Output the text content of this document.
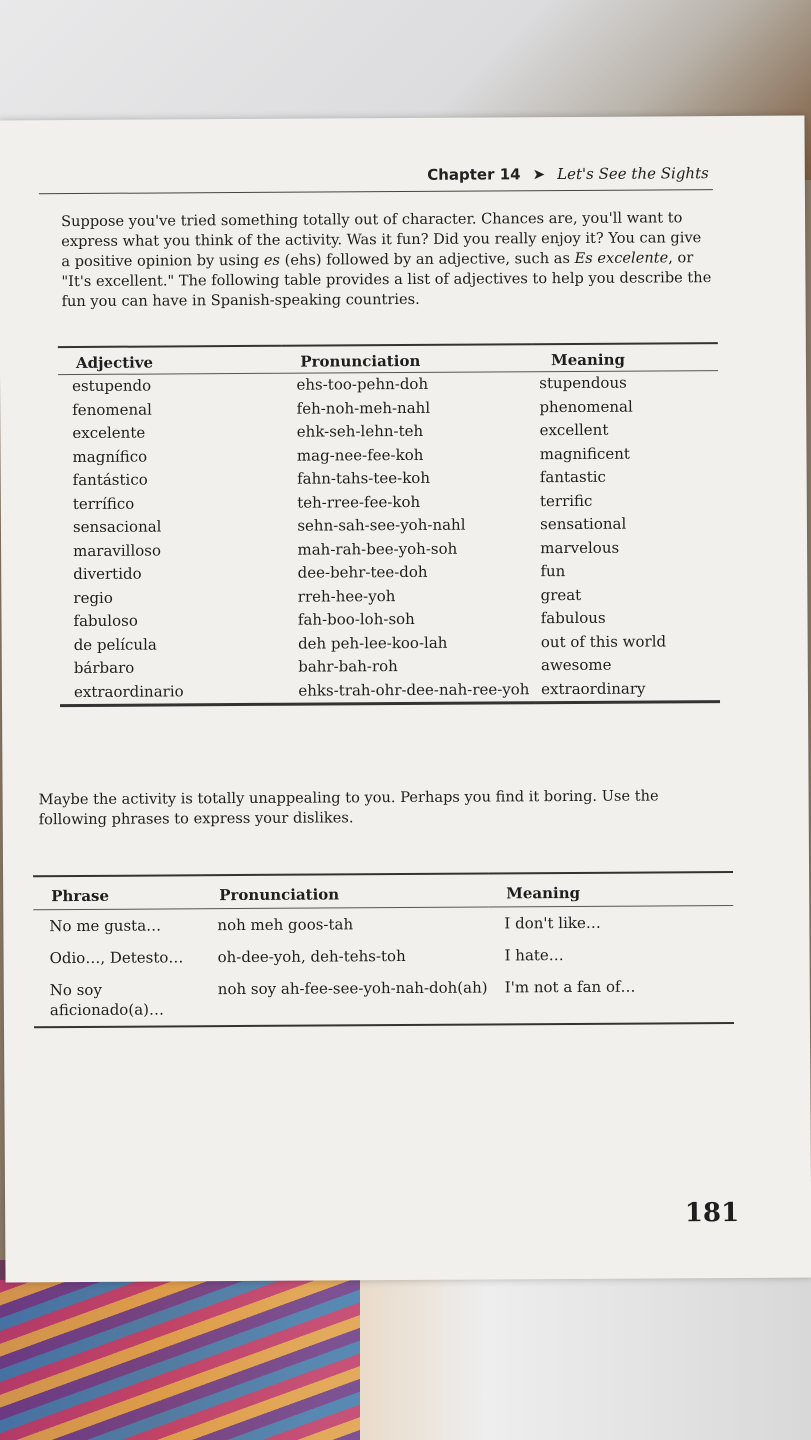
Chapter 14 ➤ Let's See the Sights

Suppose you've tried something totally out of character. Chances are, you'll want to express what you think of the activity. Was it fun? Did you really enjoy it? You can give a positive opinion by using es (ehs) followed by an adjective, such as Es excelente, or "It's excellent." The following table provides a list of adjectives to help you describe the fun you can have in Spanish-speaking countries.

Adjective	Pronunciation	Meaning
estupendo	ehs-too-pehn-doh	stupendous
fenomenal	feh-noh-meh-nahl	phenomenal
excelente	ehk-seh-lehn-teh	excellent
magnífico	mag-nee-fee-koh	magnificent
fantástico	fahn-tahs-tee-koh	fantastic
terrífico	teh-rree-fee-koh	terrific
sensacional	sehn-sah-see-yoh-nahl	sensational
maravilloso	mah-rah-bee-yoh-soh	marvelous
divertido	dee-behr-tee-doh	fun
regio	rreh-hee-yoh	great
fabuloso	fah-boo-loh-soh	fabulous
de película	deh peh-lee-koo-lah	out of this world
bárbaro	bahr-bah-roh	awesome
extraordinario	ehks-trah-ohr-dee-nah-ree-yoh	extraordinary

Maybe the activity is totally unappealing to you. Perhaps you find it boring. Use the following phrases to express your dislikes.

Phrase	Pronunciation	Meaning
No me gusta…	noh meh goos-tah	I don't like…
Odio…, Detesto…	oh-dee-yoh, deh-tehs-toh	I hate…
No soy aficionado(a)…	noh soy ah-fee-see-yoh-nah-doh(ah)	I'm not a fan of…
181
